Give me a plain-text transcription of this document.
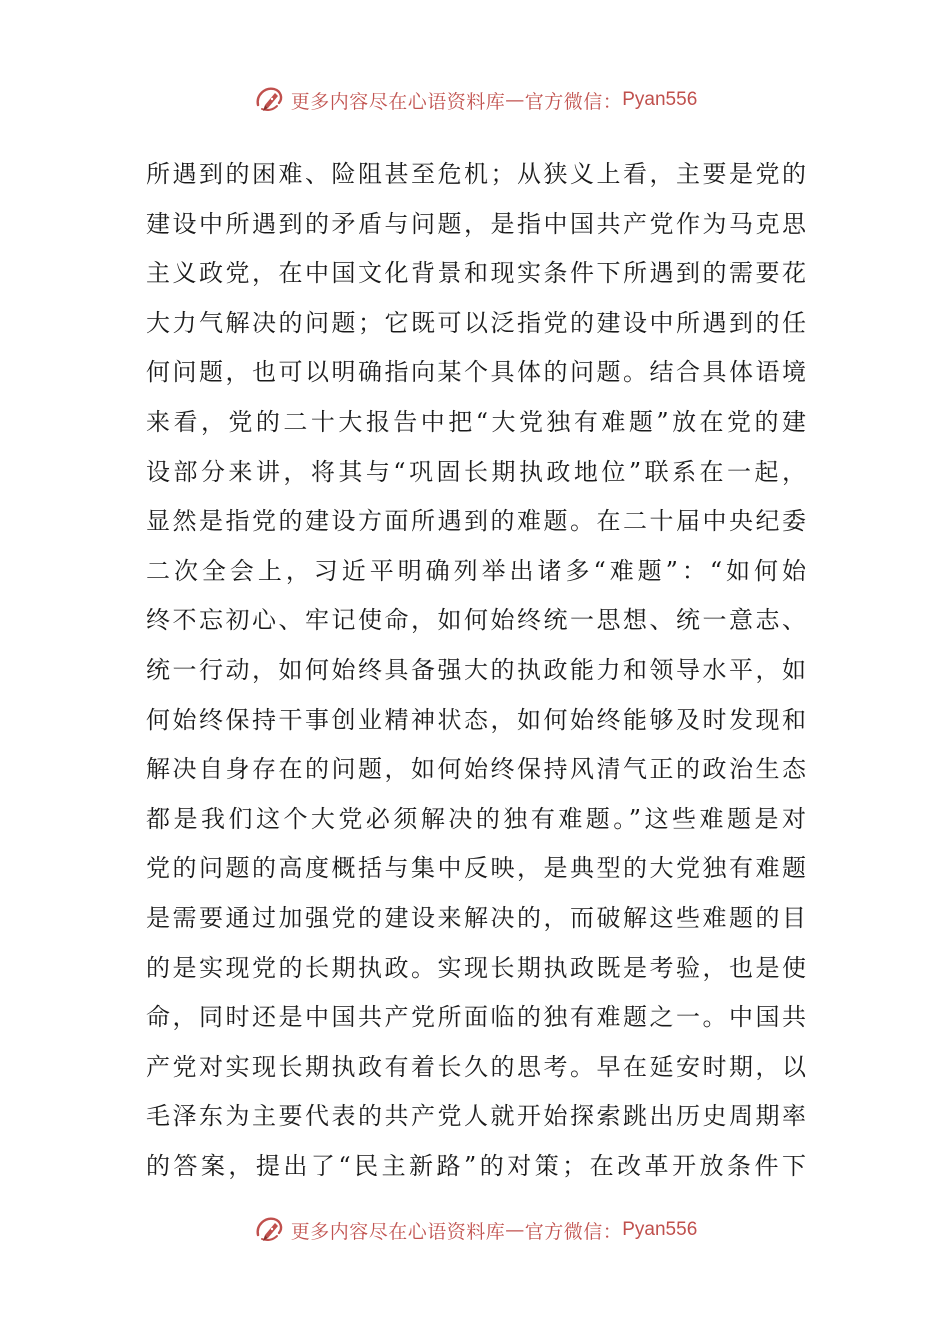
更多内容尽在心语资料库 — 官方微信： Pyan556
所遇到的困难、险阻甚至危机；从狭义上看，主要是党的
建设中所遇到的矛盾与问题，是指中国共产党作为马克思
主义政党，在中国文化背景和现实条件下所遇到的需要花
大力气解决的问题；它既可以泛指党的建设中所遇到的任
何问题，也可以明确指向某个具体的问题。结合具体语境
来看，党的二十大报告中把“大党独有难题”放在党的建
设部分来讲，将其与“巩固长期执政地位”联系在一起，
显然是指党的建设方面所遇到的难题。在二十届中央纪委
二次全会上，习近平明确列举出诸多“难题”：“如何始
终不忘初心、牢记使命，如何始终统一思想、统一意志、
统一行动，如何始终具备强大的执政能力和领导水平，如
何始终保持干事创业精神状态，如何始终能够及时发现和
解决自身存在的问题，如何始终保持风清气正的政治生态
都是我们这个大党必须解决的独有难题。”这些难题是对
党的问题的高度概括与集中反映，是典型的大党独有难题
是需要通过加强党的建设来解决的，而破解这些难题的目
的是实现党的长期执政。实现长期执政既是考验，也是使
命，同时还是中国共产党所面临的独有难题之一。中国共
产党对实现长期执政有着长久的思考。早在延安时期，以
毛泽东为主要代表的共产党人就开始探索跳出历史周期率
的答案，提出了“民主新路”的对策；在改革开放条件下
更多内容尽在心语资料库 — 官方微信： Pyan556
